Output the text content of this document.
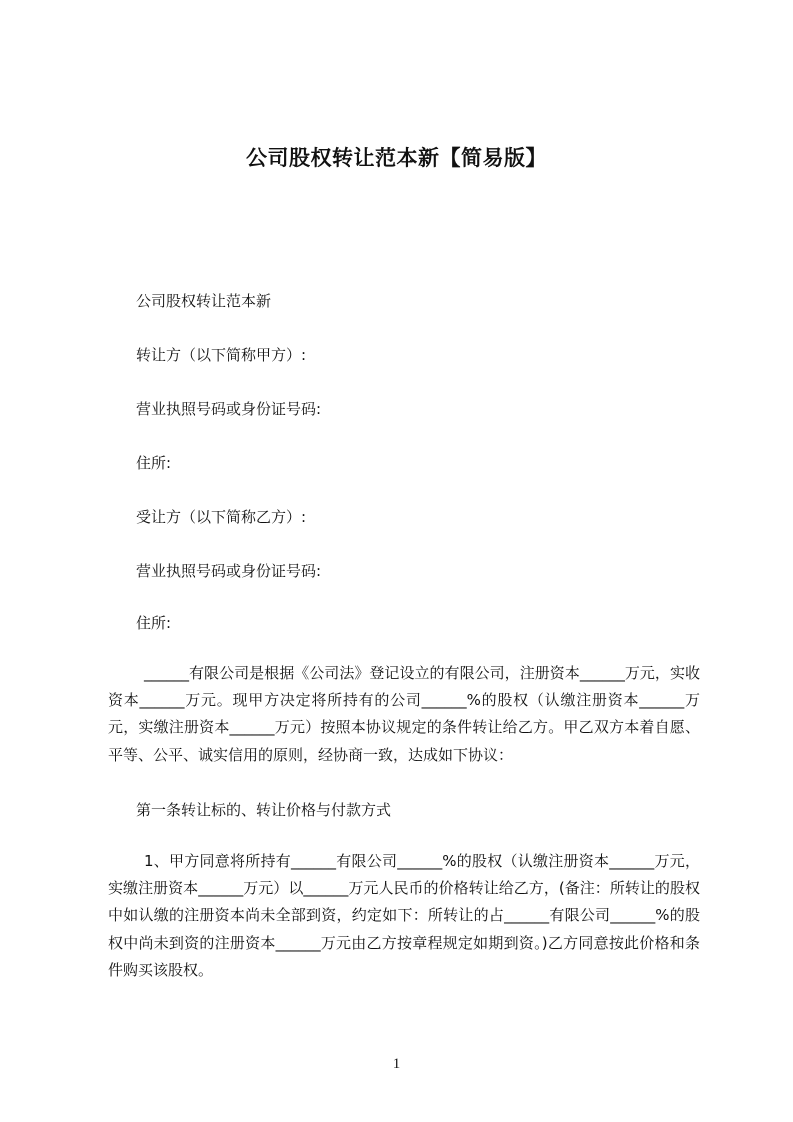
公司股权转让范本新【简易版】
公司股权转让范本新
转让方（以下简称甲方）:
营业执照号码或身份证号码:
住所:
受让方（以下简称乙方）:
营业执照号码或身份证号码:
住所:
______有限公司是根据《公司法》登记设立的有限公司，注册资本______万元，实收资本______万元。现甲方决定将所持有的公司______%的股权（认缴注册资本______万元，实缴注册资本______万元）按照本协议规定的条件转让给乙方。甲乙双方本着自愿、平等、公平、诚实信用的原则，经协商一致，达成如下协议：
第一条转让标的、转让价格与付款方式
1、甲方同意将所持有______有限公司______%的股权（认缴注册资本______万元，实缴注册资本______万元）以______万元人民币的价格转让给乙方，(备注：所转让的股权中如认缴的注册资本尚未全部到资，约定如下：所转让的占______有限公司______%的股权中尚未到资的注册资本______万元由乙方按章程规定如期到资。)乙方同意按此价格和条件购买该股权。
1
